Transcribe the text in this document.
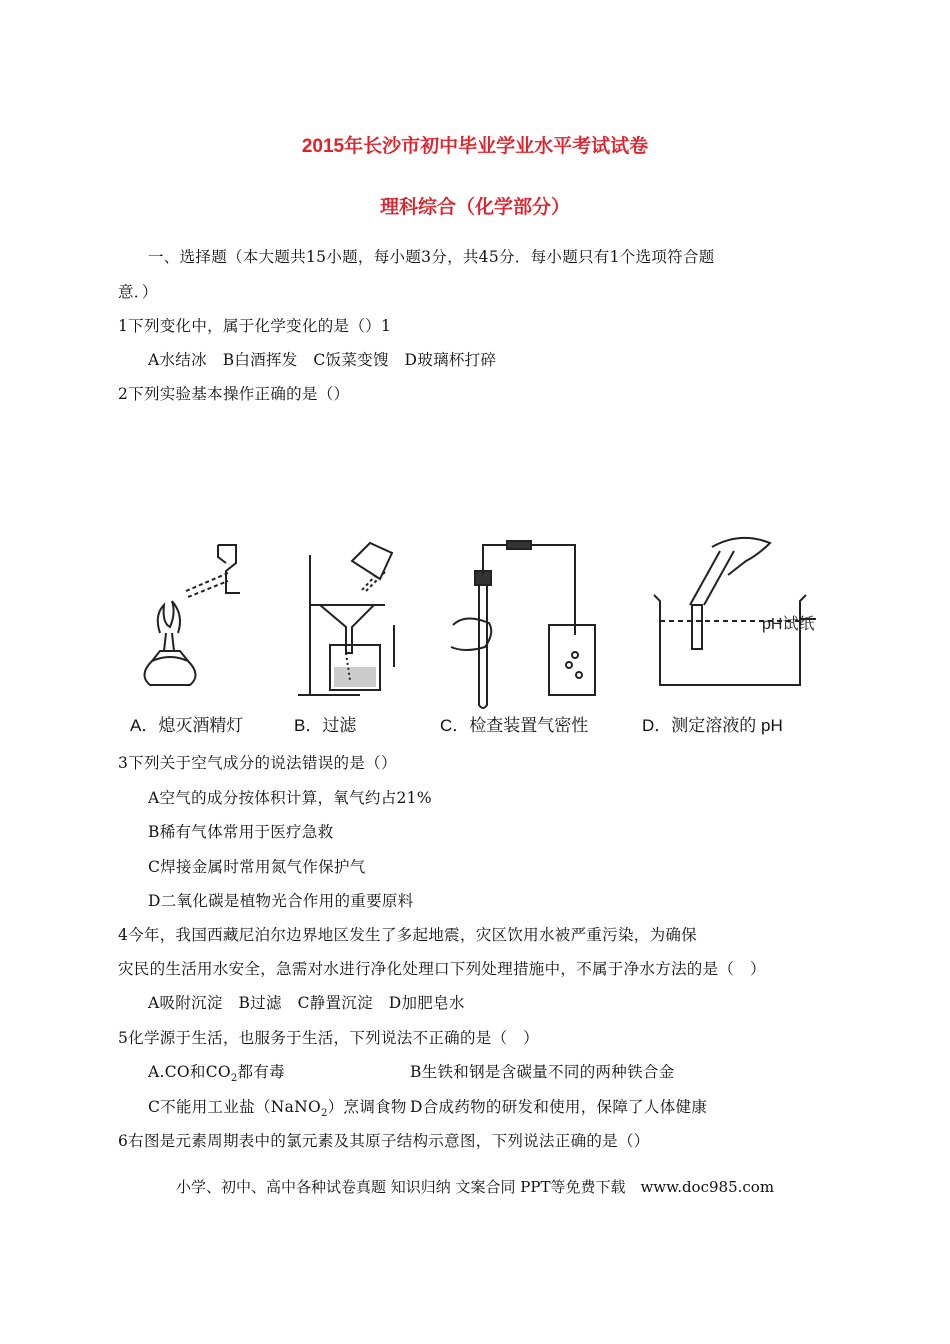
2015年长沙市初中毕业学业水平考试试卷
理科综合（化学部分）
一、选择题（本大题共15小题，每小题3分，共45分．每小题只有1个选项符合题
意．）
1下列变化中，属于化学变化的是（）1
A水结冰　B白酒挥发　C饭菜变馊　D玻璃杯打碎
2下列实验基本操作正确的是（）
pH试纸
A．熄灭酒精灯	B．过滤	C．检查装置气密性	D．测定溶液的 pH
3下列关于空气成分的说法错误的是（）
A空气的成分按体积计算，氧气约占21%
B稀有气体常用于医疗急救
C焊接金属时常用氮气作保护气
D二氧化碳是植物光合作用的重要原料
4今年，我国西藏尼泊尔边界地区发生了多起地震，灾区饮用水被严重污染，为确保
灾民的生活用水安全，急需对水进行净化处理口下列处理措施中，不属于净水方法的是（　）
A吸附沉淀　B过滤　C静置沉淀　D加肥皂水
5化学源于生活，也服务于生活，下列说法不正确的是（　）
A.CO和$CO_2$都有毒	B生铁和钢是含碳量不同的两种铁合金
C不能用工业盐（NaNO$_2$）烹调食物 D合成药物的研发和使用，保障了人体健康
6右图是元素周期表中的氯元素及其原子结构示意图，下列说法正确的是（）
小学、初中、高中各种试卷真题 知识归纳 文案合同 PPT等免费下载　www.doc985.com
